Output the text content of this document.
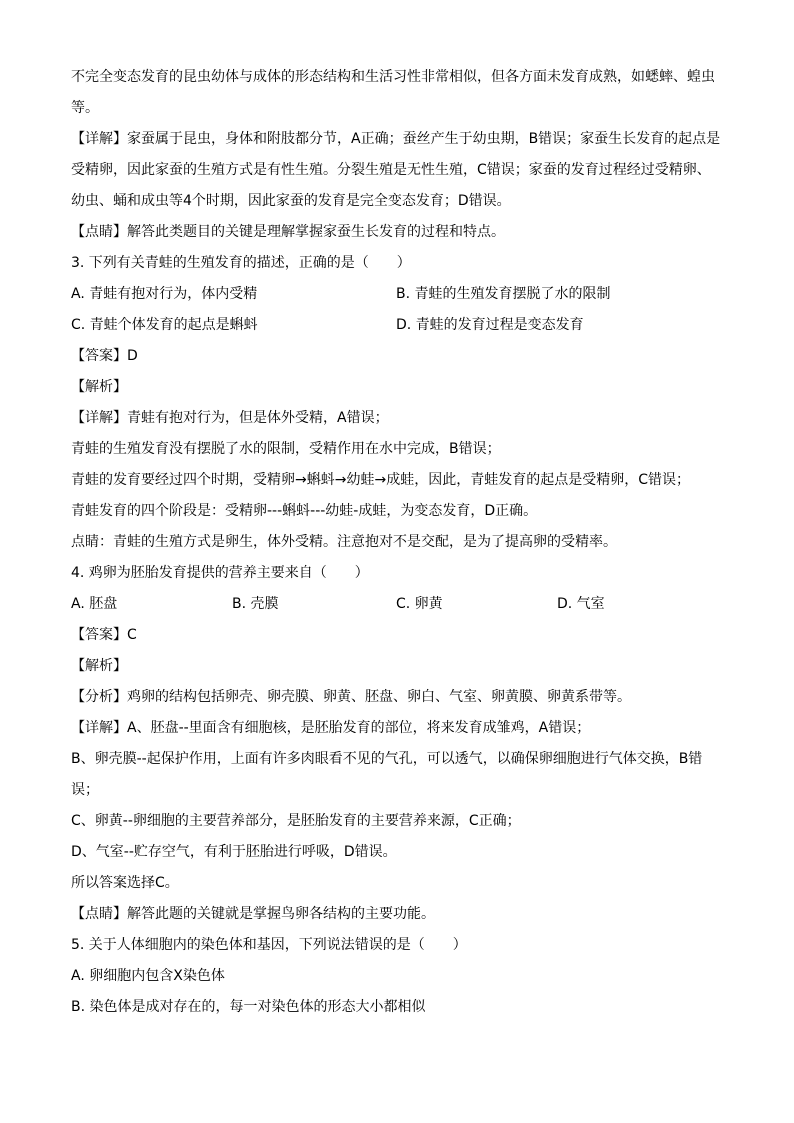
不完全变态发育的昆虫幼体与成体的形态结构和生活习性非常相似，但各方面未发育成熟，如蟋蟀、蝗虫
等。
【详解】家蚕属于昆虫，身体和附肢都分节，A正确；蚕丝产生于幼虫期，B错误；家蚕生长发育的起点是
受精卵，因此家蚕的生殖方式是有性生殖。分裂生殖是无性生殖，C错误；家蚕的发育过程经过受精卵、
幼虫、蛹和成虫等4个时期，因此家蚕的发育是完全变态发育；D错误。
【点睛】解答此类题目的关键是理解掌握家蚕生长发育的过程和特点。
3. 下列有关青蛙的生殖发育的描述，正确的是（　　）
A. 青蛙有抱对行为，体内受精	B. 青蛙的生殖发育摆脱了水的限制
C. 青蛙个体发育的起点是蝌蚪	D. 青蛙的发育过程是变态发育
【答案】D
【解析】
【详解】青蛙有抱对行为，但是体外受精，A错误；
青蛙的生殖发育没有摆脱了水的限制，受精作用在水中完成，B错误；
青蛙的发育要经过四个时期，受精卵→蝌蚪→幼蛙→成蛙，因此，青蛙发育的起点是受精卵，C错误；
青蛙发育的四个阶段是：受精卵---蝌蚪---幼蛙-成蛙，为变态发育，D正确。
点睛：青蛙的生殖方式是卵生，体外受精。注意抱对不是交配，是为了提高卵的受精率。
4. 鸡卵为胚胎发育提供的营养主要来自（　　）
A. 胚盘	B. 壳膜	C. 卵黄	D. 气室
【答案】C
【解析】
【分析】鸡卵的结构包括卵壳、卵壳膜、卵黄、胚盘、卵白、气室、卵黄膜、卵黄系带等。
【详解】A、胚盘--里面含有细胞核，是胚胎发育的部位，将来发育成雏鸡，A错误；
B、卵壳膜--起保护作用，上面有许多肉眼看不见的气孔，可以透气，以确保卵细胞进行气体交换，B错
误；
C、卵黄--卵细胞的主要营养部分，是胚胎发育的主要营养来源，C正确；
D、气室--贮存空气，有利于胚胎进行呼吸，D错误。
所以答案选择C。
【点睛】解答此题的关键就是掌握鸟卵各结构的主要功能。
5. 关于人体细胞内的染色体和基因，下列说法错误的是（　　）
A. 卵细胞内包含X染色体
B. 染色体是成对存在的，每一对染色体的形态大小都相似
